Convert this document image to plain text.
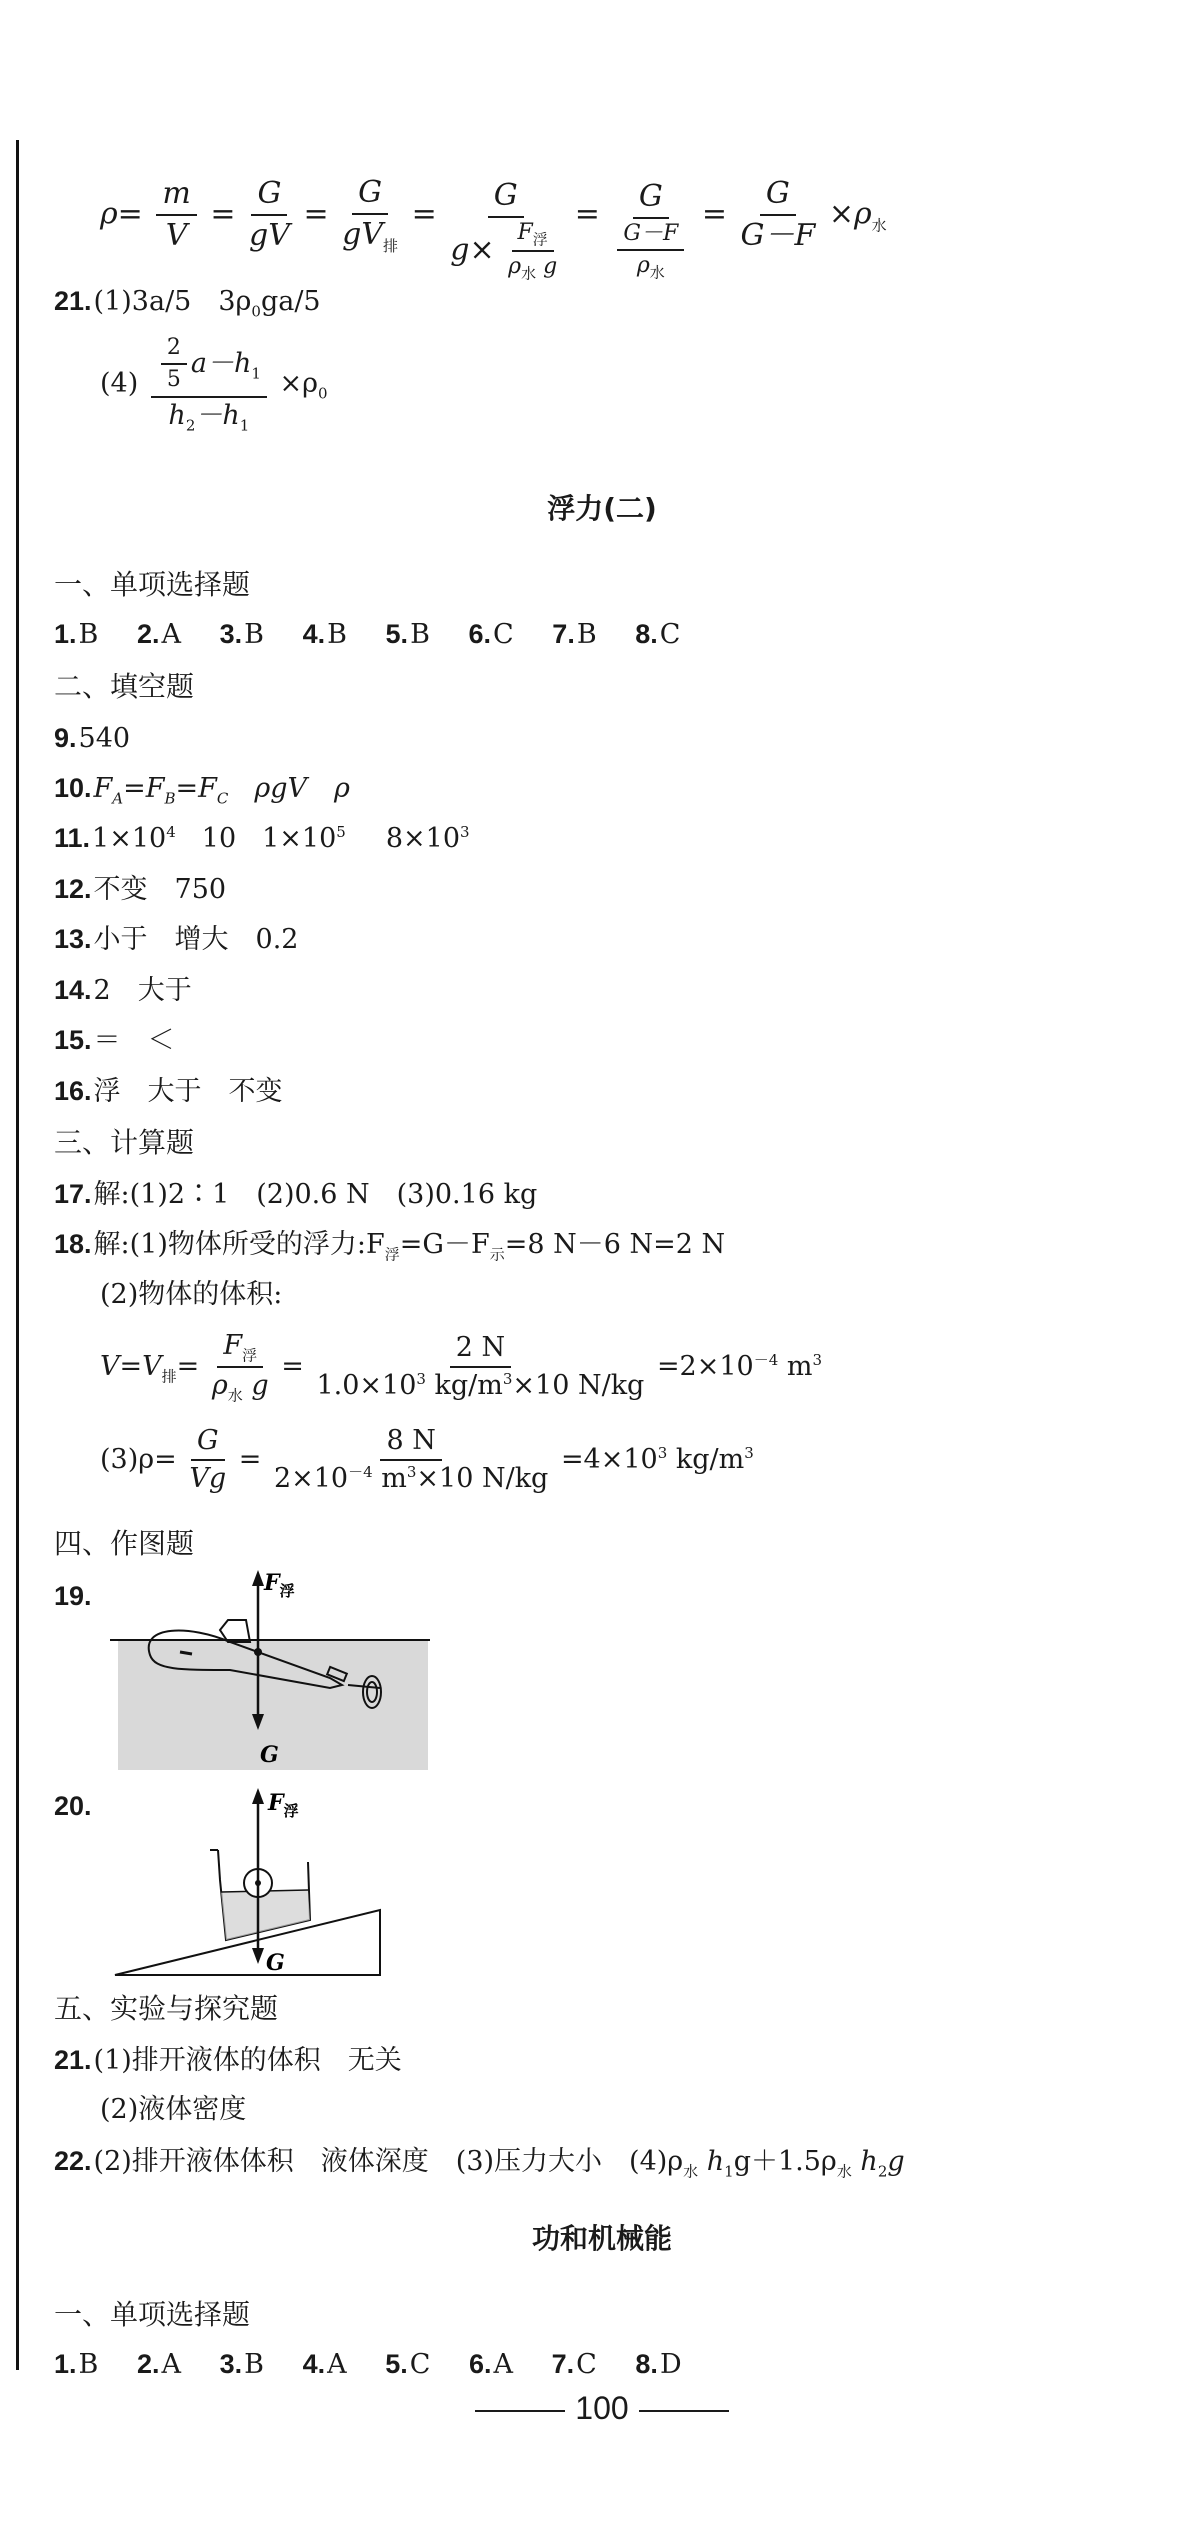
$\rho= \frac{m}{V} = \frac{G}{gV} = \frac{G}{gV_排} = \frac{G}{g\times \frac{F_浮}{\rho_水 g}} = \frac{G}{\frac{G-F}{\rho_水}} = \frac{G}{G-F} \times\rho_水$
21.(1)3a/5　$3\rho_0ga/5$
$(4) \frac{\frac{2}{5} a-h_1}{h_2-h_1} \times\rho_0$
浮力(二)
一、单项选择题
1.B 2.A 3.B 4.B 5.B 6.C 7.B 8.C
二、填空题
9.540
$10.F_A=F_B=F_C$ ρgV　ρ
$11.1\times 10^4$ 10 $1\times 10^5$ $8\times 10^3$
12.不变　750
13.小于　增大　0.2
14.2　大于
15.＝　＜
16.浮　大于　不变
三、计算题
17.解:(1)2∶1　(2)0.6 N　(3)0.16 kg
18.解:(1)物体所受的浮力$:F_浮=G-F_示=8$ N－6 N=2 N
(2)物体的体积:
$V=V_排= \frac{F_浮}{\rho_水 g} = \frac{2 N}{1.0\times 10^3 kg/m^3\times 10 N/kg} =2\times 10^{-4}$ $m^3$
$(3)\rho= \frac{G}{Vg} = \frac{8 N}{2\times 10^{-4} m^3\times 10 N/kg} =4\times 10^3$ $kg/m^3$
四、作图题
19.	$F_浮$
G
20.	$F_浮$
G
五、实验与探究题
21.(1)排开液体的体积　无关
(2)液体密度
22.(2)排开液体体积　液体深度　(3)压力大小　$(4)\rho_水$ $h_1g+1.5\rho_水$ $h_2g$
功和机械能
一、单项选择题
1.B 2.A 3.B 4.A 5.C 6.A 7.C 8.D
100
